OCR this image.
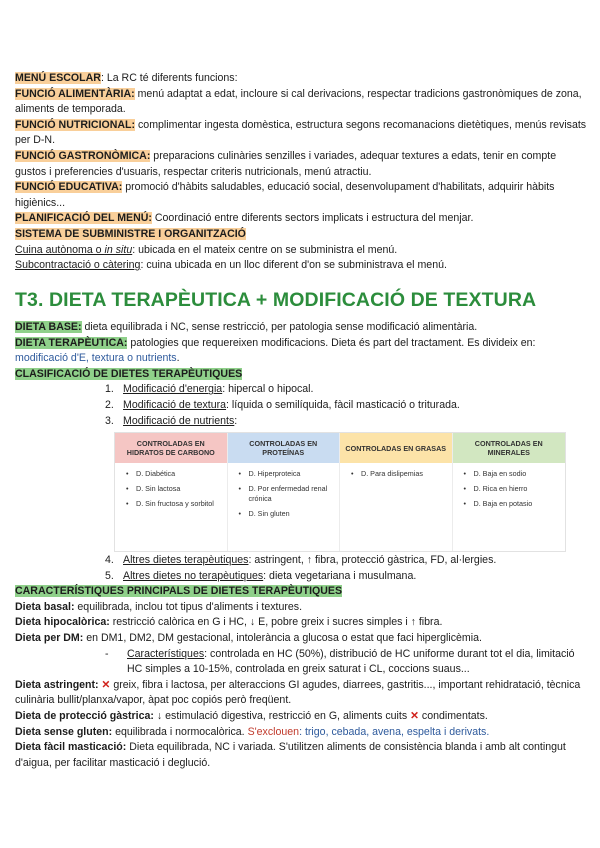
MENÚ ESCOLAR: La RC té diferents funcions:

FUNCIÓ ALIMENTÀRIA: menú adaptat a edat, incloure si cal derivacions, respectar tradicions gastronòmiques de zona, aliments de temporada.

FUNCIÓ NUTRICIONAL: complimentar ingesta domèstica, estructura segons recomanacions dietètiques, menús revisats per D-N.

FUNCIÓ GASTRONÒMICA: preparacions culinàries senzilles i variades, adequar textures a edats, tenir en compte gustos i preferencies d'usuaris, respectar criteris nutricionals, menú atractiu.

FUNCIÓ EDUCATIVA: promoció d'hàbits saludables, educació social, desenvolupament d'habilitats, adquirir hàbits higiènics...

PLANIFICACIÓ DEL MENÚ: Coordinació entre diferents sectors implicats i estructura del menjar.

SISTEMA DE SUBMINISTRE I ORGANITZACIÓ

Cuina autònoma o in situ: ubicada en el mateix centre on se subministra el menú.

Subcontractació o càtering: cuina ubicada en un lloc diferent d'on se subministrava el menú.

T3. DIETA TERAPÈUTICA + MODIFICACIÓ DE TEXTURA

DIETA BASE: dieta equilibrada i NC, sense restricció, per patologia sense modificació alimentària.

DIETA TERAPÈUTICA: patologies que requereixen modificacions. Dieta és part del tractament. Es divideix en: modificació d'E, textura o nutrients.

CLASIFICACIÓ DE DIETES TERAPÈUTIQUES

1. Modificació d'energia: hipercal o hipocal.
2. Modificació de textura: líquida o semilíquida, fàcil masticació o triturada.
3. Modificació de nutrients:
CONTROLADAS EN HIDRATOS DE CARBONO
• D. Diabética
• D. Sin lactosa
• D. Sin fructosa y sorbitol
CONTROLADAS EN PROTEÍNAS
• D. Hiperproteica
• D. Por enfermedad renal crónica
• D. Sin gluten
CONTROLADAS EN GRASAS
• D. Para dislipemias
CONTROLADAS EN MINERALES
• D. Baja en sodio
• D. Rica en hierro
• D. Baja en potasio
4. Altres dietes terapèutiques: astringent, ↑ fibra, protecció gàstrica, FD, al·lergies.
5. Altres dietes no terapèutiques: dieta vegetariana i musulmana.

CARACTERÍSTIQUES PRINCIPALS DE DIETES TERAPÈUTIQUES

Dieta basal: equilibrada, inclou tot tipus d'aliments i textures.

Dieta hipocalòrica: restricció calòrica en G i HC, ↓ E, pobre greix i sucres simples i ↑ fibra.

Dieta per DM: en DM1, DM2, DM gestacional, intolerància a glucosa o estat que faci hiperglicèmia.

- Característiques: controlada en HC (50%), distribució de HC uniforme durant tot el dia, limitació HC simples a 10-15%, controlada en greix saturat i CL, coccions suaus...

Dieta astringent: ✕ greix, fibra i lactosa, per alteraccions GI agudes, diarrees, gastritis..., important rehidratació, tècnica culinària bullit/planxa/vapor, àpat poc copiós però freqüent.

Dieta de protecció gàstrica: ↓ estimulació digestiva, restricció en G, aliments cuits ✕ condimentats.

Dieta sense gluten: equilibrada i normocalòrica. S'exclouen: trigo, cebada, avena, espelta i derivats.

Dieta fàcil masticació: Dieta equilibrada, NC i variada. S'utilitzen aliments de consistència blanda i amb alt contingut d'aigua, per facilitar masticació i deglució.
